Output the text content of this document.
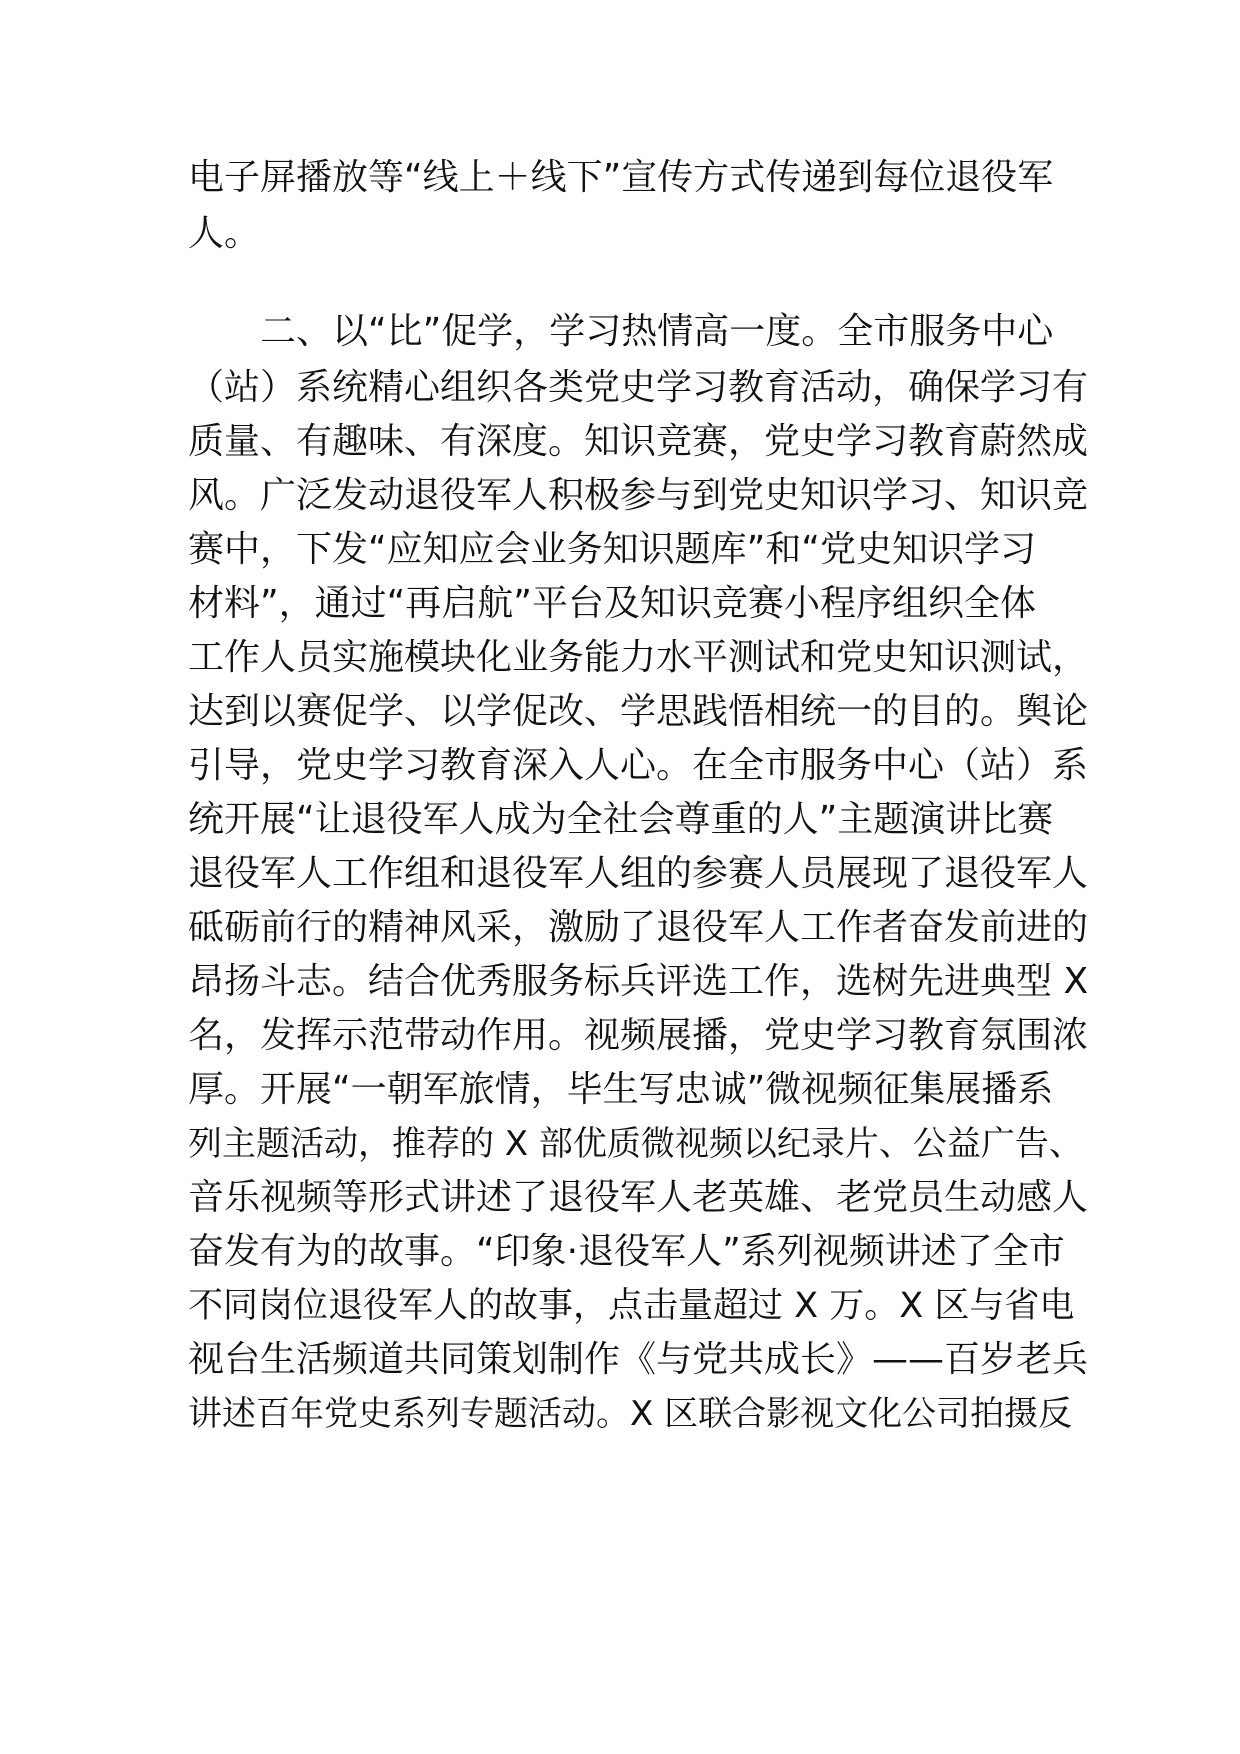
电子屏播放等“线上＋线下”宣传方式传递到每位退役军
人。
　　二、以“比”促学，学习热情高一度。全市服务中心
（站）系统精心组织各类党史学习教育活动，确保学习有
质量、有趣味、有深度。知识竞赛，党史学习教育蔚然成
风。广泛发动退役军人积极参与到党史知识学习、知识竞
赛中，下发“应知应会业务知识题库”和“党史知识学习
材料”，通过“再启航”平台及知识竞赛小程序组织全体
工作人员实施模块化业务能力水平测试和党史知识测试，
达到以赛促学、以学促改、学思践悟相统一的目的。舆论
引导，党史学习教育深入人心。在全市服务中心（站）系
统开展“让退役军人成为全社会尊重的人”主题演讲比赛
退役军人工作组和退役军人组的参赛人员展现了退役军人
砥砺前行的精神风采，激励了退役军人工作者奋发前进的
昂扬斗志。结合优秀服务标兵评选工作，选树先进典型 X
名，发挥示范带动作用。视频展播，党史学习教育氛围浓
厚。开展“一朝军旅情，毕生写忠诚”微视频征集展播系
列主题活动，推荐的 X 部优质微视频以纪录片、公益广告、
音乐视频等形式讲述了退役军人老英雄、老党员生动感人
奋发有为的故事。“印象·退役军人”系列视频讲述了全市
不同岗位退役军人的故事，点击量超过 X 万。X 区与省电
视台生活频道共同策划制作《与党共成长》——百岁老兵
讲述百年党史系列专题活动。X 区联合影视文化公司拍摄反
